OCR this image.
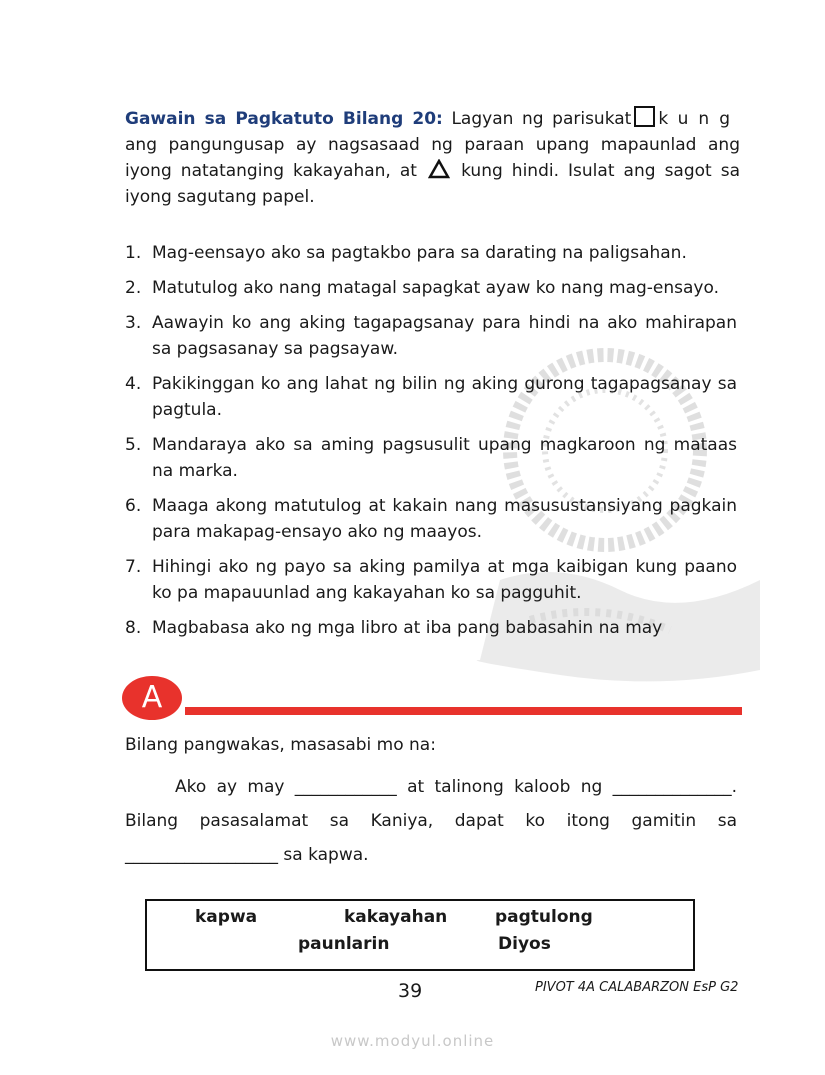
Gawain sa Pagkatuto Bilang 20: Lagyan ng parisukat kung ang pangungusap ay nagsasaad ng paraan upang mapaunlad ang iyong natatanging kakayahan, at	kung hindi. Isulat ang sagot sa iyong sagutang papel.
1. Mag-eensayo ako sa pagtakbo para sa darating na paligsahan.
2. Matutulog ako nang matagal sapagkat ayaw ko nang mag-ensayo.
3. Aawayin ko ang aking tagapagsanay para hindi na ako mahirapan sa pagsasanay sa pagsayaw.
4. Pakikinggan ko ang lahat ng bilin ng aking gurong tagapagsanay sa pagtula.
5. Mandaraya ako sa aming pagsusulit upang magkaroon ng mataas na marka.
6. Maaga akong matutulog at kakain nang masusustansiyang pagkain para makapag-ensayo ako ng maayos.
7. Hihingi ako ng payo sa aking pamilya at mga kaibigan kung paano ko pa mapauunlad ang kakayahan ko sa pagguhit.
8. Magbabasa ako ng mga libro at iba pang babasahin na may
A
Bilang pangwakas, masasabi mo na:
Ako ay may ____________ at talinong kaloob ng ______________. Bilang pasasalamat sa Kaniya, dapat ko itong gamitin sa __________________ sa kapwa.
kapwa	kakayahan	pagtulong
paunlarin	Diyos
39	PIVOT 4A CALABARZON EsP G2
www.modyul.online
